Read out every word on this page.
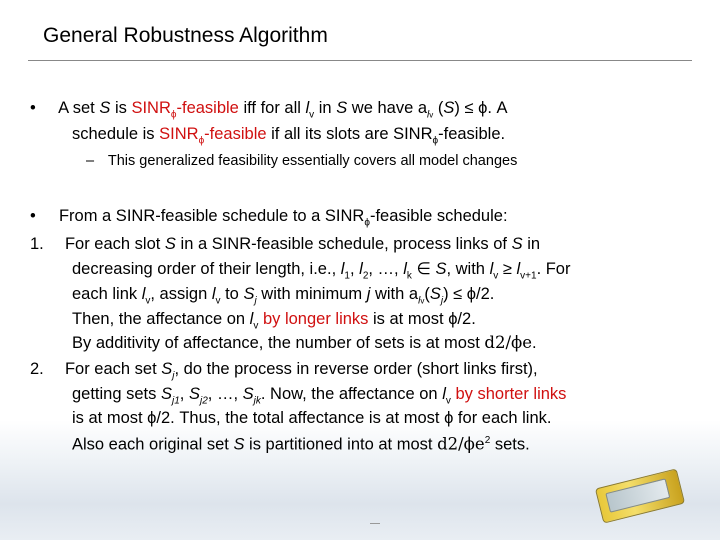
General Robustness Algorithm
• A set S is $SINR_\phi$-feasible iff for all $l_v$ in S we have $a_{lv}$ (S) ≤ ϕ. A
schedule is $SINR_\phi$-feasible if all its slots are $SINR_\phi$-feasible.
– This generalized feasibility essentially covers all model changes
• From a SINR-feasible schedule to a $SINR_\phi$-feasible schedule:
1. For each slot S in a SINR-feasible schedule, process links of S in
decreasing order of their length, i.e., $l_1$, $l_2$, …, $l_k$ ∈ S, with $l_v \ge l_{v+1}$. For
each link $l_v$, assign $l_v$ to $S_j$ with minimum j with $a_{lv}(S_j) \le \phi/2$.
Then, the affectance on $l_v$ by longer links is at most ϕ/2.
By additivity of affectance, the number of sets is at most d2/ϕe.
2. For each set $S_j$, do the process in reverse order (short links first),
getting sets $S_{j1}$, $S_{j2}$, …, $S_{jk}$. Now, the affectance on $l_v$ by shorter links
is at most ϕ/2. Thus, the total affectance is at most ϕ for each link.
Also each original set S is partitioned into at most $d2/\phi e^2$ sets.
